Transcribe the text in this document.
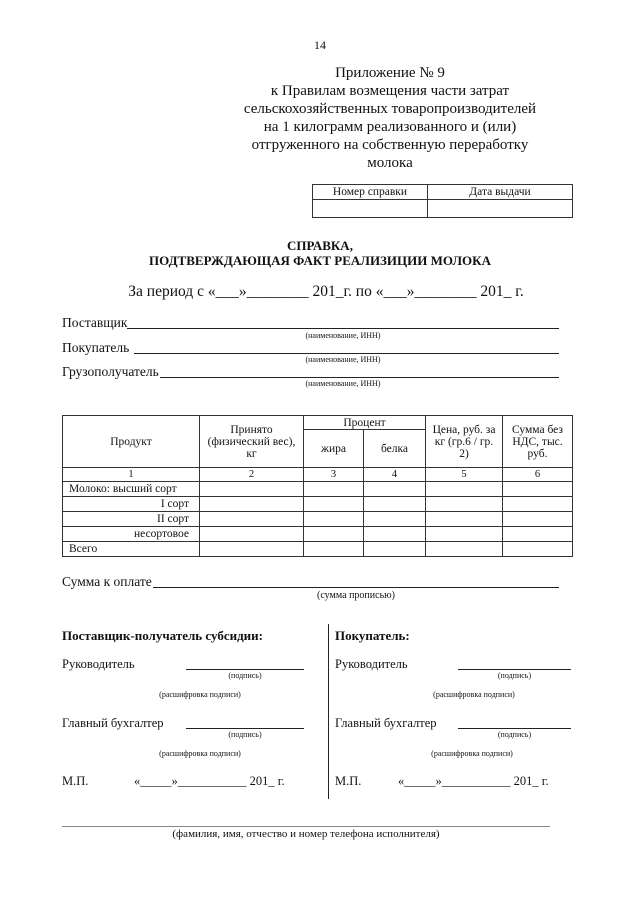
14
Приложение № 9
к Правилам возмещения части затрат
сельскохозяйственных товаропроизводителей
на 1 килограмм реализованного и (или)
отгруженного на собственную переработку
молока
Номер справки	Дата выдачи

СПРАВКА,
ПОДТВЕРЖДАЮЩАЯ ФАКТ РЕАЛИЗИЦИИ МОЛОКА
За период с «___»________ 201_г. по «___»________ 201_ г.
Поставщик
(наименование, ИНН)
Покупатель
(наименование, ИНН)
Грузополучатель
(наименование, ИНН)
Продукт	Принято (физический вес), кг	Процент		Цена, руб. за кг (гр.6 / гр. 2)	Сумма без НДС, тыс. руб.
		жира	белка		
1	2	3	4	5	6
Молоко: высший сорт					
I сорт					
II сорт					
несортовое					
Всего					
Сумма к оплате
(сумма прописью)
Поставщик-получатель субсидии:
Руководитель
(подпись)
(расшифровка подписи)
Главный бухгалтер
(подпись)
(расшифровка подписи)
М.П.	«_____»___________ 201_ г.
Покупатель:
Руководитель
(подпись)
(расшифровка подписи)
Главный бухгалтер
(подпись)
(расшифровка подписи)
М.П.	«_____»___________ 201_ г.
(фамилия, имя, отчество и номер телефона исполнителя)
